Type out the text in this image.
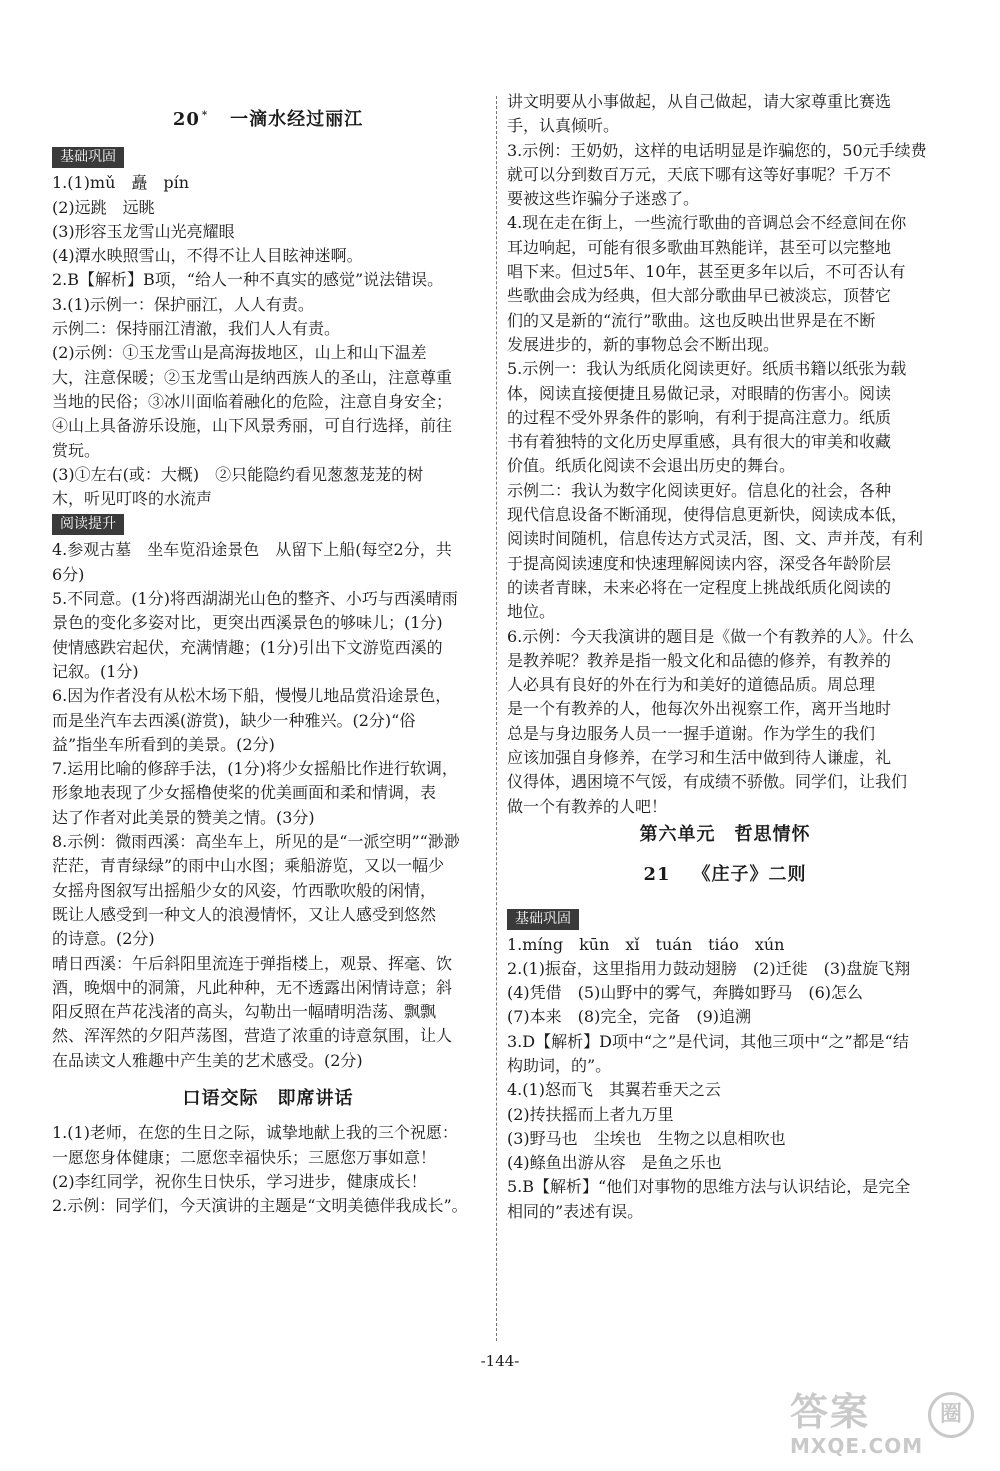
20 * 一滴水经过丽江
基础巩固
1.(1)mǔ　矗　pín
(2)远跳　远眺
(3)形容玉龙雪山光亮耀眼
(4)潭水映照雪山，不得不让人目眩神迷啊。
2.B【解析】B项，“给人一种不真实的感觉”说法错误。
3.(1)示例一：保护丽江，人人有责。
示例二：保持丽江清澈，我们人人有责。
(2)示例：①玉龙雪山是高海拔地区，山上和山下温差
大，注意保暖；②玉龙雪山是纳西族人的圣山，注意尊重
当地的民俗；③冰川面临着融化的危险，注意自身安全；
④山上具备游乐设施，山下风景秀丽，可自行选择，前往
赏玩。
(3)①左右(或：大概)　②只能隐约看见葱葱茏茏的树
木，听见叮咚的水流声
阅读提升
4.参观古墓　坐车览沿途景色　从留下上船(每空2分，共
6分)
5.不同意。(1分)将西湖湖光山色的整齐、小巧与西溪晴雨
景色的变化多姿对比，更突出西溪景色的够味儿；(1分)
使情感跌宕起伏，充满情趣；(1分)引出下文游览西溪的
记叙。(1分)
6.因为作者没有从松木场下船，慢慢儿地品赏沿途景色，
而是坐汽车去西溪(游赏)，缺少一种雅兴。(2分)“俗
益”指坐车所看到的美景。(2分)
7.运用比喻的修辞手法，(1分)将少女摇船比作进行软调，
形象地表现了少女摇橹使桨的优美画面和柔和情调，表
达了作者对此美景的赞美之情。(3分)
8.示例：微雨西溪：高坐车上，所见的是“一派空明”“渺渺
茫茫，青青绿绿”的雨中山水图；乘船游览，又以一幅少
女摇舟图叙写出摇船少女的风姿，竹西歌吹般的闲情，
既让人感受到一种文人的浪漫情怀，又让人感受到悠然
的诗意。(2分)
晴日西溪：午后斜阳里流连于弹指楼上，观景、挥毫、饮
酒，晚烟中的洞箫，凡此种种，无不透露出闲情诗意；斜
阳反照在芦花浅渚的高头，勾勒出一幅晴明浩荡、飘飘
然、浑浑然的夕阳芦荡图，营造了浓重的诗意氛围，让人
在品读文人雅趣中产生美的艺术感受。(2分)
口语交际　即席讲话
1.(1)老师，在您的生日之际，诚挚地献上我的三个祝愿：
一愿您身体健康；二愿您幸福快乐；三愿您万事如意！
(2)李红同学，祝你生日快乐，学习进步，健康成长！
2.示例：同学们，今天演讲的主题是“文明美德伴我成长”。
讲文明要从小事做起，从自己做起，请大家尊重比赛选
手，认真倾听。
3.示例：王奶奶，这样的电话明显是诈骗您的，50元手续费
就可以分到数百万元，天底下哪有这等好事呢？千万不
要被这些诈骗分子迷惑了。
4.现在走在街上，一些流行歌曲的音调总会不经意间在你
耳边响起，可能有很多歌曲耳熟能详，甚至可以完整地
唱下来。但过5年、10年，甚至更多年以后，不可否认有
些歌曲会成为经典，但大部分歌曲早已被淡忘，顶替它
们的又是新的“流行”歌曲。这也反映出世界是在不断
发展进步的，新的事物总会不断出现。
5.示例一：我认为纸质化阅读更好。纸质书籍以纸张为载
体，阅读直接便捷且易做记录，对眼睛的伤害小。阅读
的过程不受外界条件的影响，有利于提高注意力。纸质
书有着独特的文化历史厚重感，具有很大的审美和收藏
价值。纸质化阅读不会退出历史的舞台。
示例二：我认为数字化阅读更好。信息化的社会，各种
现代信息设备不断涌现，使得信息更新快，阅读成本低，
阅读时间随机，信息传达方式灵活，图、文、声并茂，有利
于提高阅读速度和快速理解阅读内容，深受各年龄阶层
的读者青睐，未来必将在一定程度上挑战纸质化阅读的
地位。
6.示例：今天我演讲的题目是《做一个有教养的人》。什么
是教养呢？教养是指一般文化和品德的修养，有教养的
人必具有良好的外在行为和美好的道德品质。周总理
是一个有教养的人，他每次外出视察工作，离开当地时
总是与身边服务人员一一握手道谢。作为学生的我们
应该加强自身修养，在学习和生活中做到待人谦虚，礼
仪得体，遇困境不气馁，有成绩不骄傲。同学们，让我们
做一个有教养的人吧！
第六单元　哲思情怀
21 《庄子》二则
基础巩固
1.míng　kūn　xǐ　tuán　tiáo　xún
2.(1)振奋，这里指用力鼓动翅膀　(2)迁徙　(3)盘旋飞翔
(4)凭借　(5)山野中的雾气，奔腾如野马　(6)怎么
(7)本来　(8)完全，完备　(9)追溯
3.D【解析】D项中“之”是代词，其他三项中“之”都是“结
构助词，的”。
4.(1)怒而飞　其翼若垂天之云
(2)抟扶摇而上者九万里
(3)野马也　尘埃也　生物之以息相吹也
(4)鲦鱼出游从容　是鱼之乐也
5.B【解析】“他们对事物的思维方法与认识结论，是完全
相同的”表述有误。
-144-
答案	圈
MXQE.COM
